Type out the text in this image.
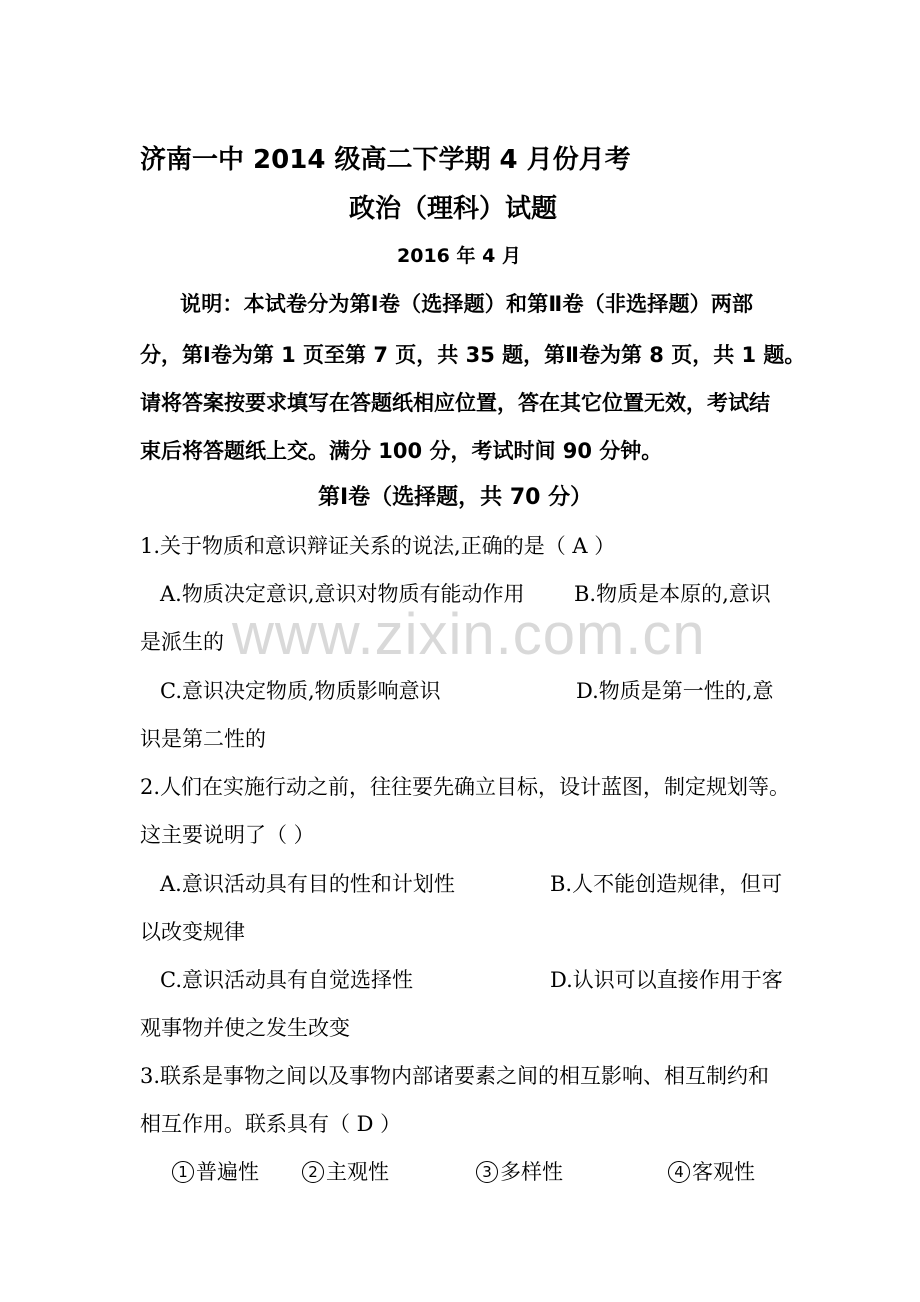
济南一中 2014 级高二下学期 4 月份月考
政治（理科）试题
2016 年 4 月
说明：本试卷分为第Ⅰ卷（选择题）和第Ⅱ卷（非选择题）两部
分，第Ⅰ卷为第 1 页至第 7 页，共 35 题，第Ⅱ卷为第 8 页，共 1 题。
请将答案按要求填写在答题纸相应位置，答在其它位置无效，考试结
束后将答题纸上交。满分 100 分，考试时间 90 分钟。
第Ⅰ卷（选择题，共 70 分）
1.关于物质和意识辩证关系的说法,正确的是（ A ）
A.物质决定意识,意识对物质有能动作用 B.物质是本原的,意识
是派生的
C.意识决定物质,物质影响意识	D.物质是第一性的,意
识是第二性的
2.人们在实施行动之前，往往要先确立目标，设计蓝图，制定规划等。
这主要说明了（ ）
A.意识活动具有目的性和计划性	B.人不能创造规律，但可
以改变规律
C.意识活动具有自觉选择性	D.认识可以直接作用于客
观事物并使之发生改变
3.联系是事物之间以及事物内部诸要素之间的相互影响、相互制约和
相互作用。联系具有（ D ）
1 普遍性	2 主观性	3 多样性	4 客观性
www.zixin.com.cn
